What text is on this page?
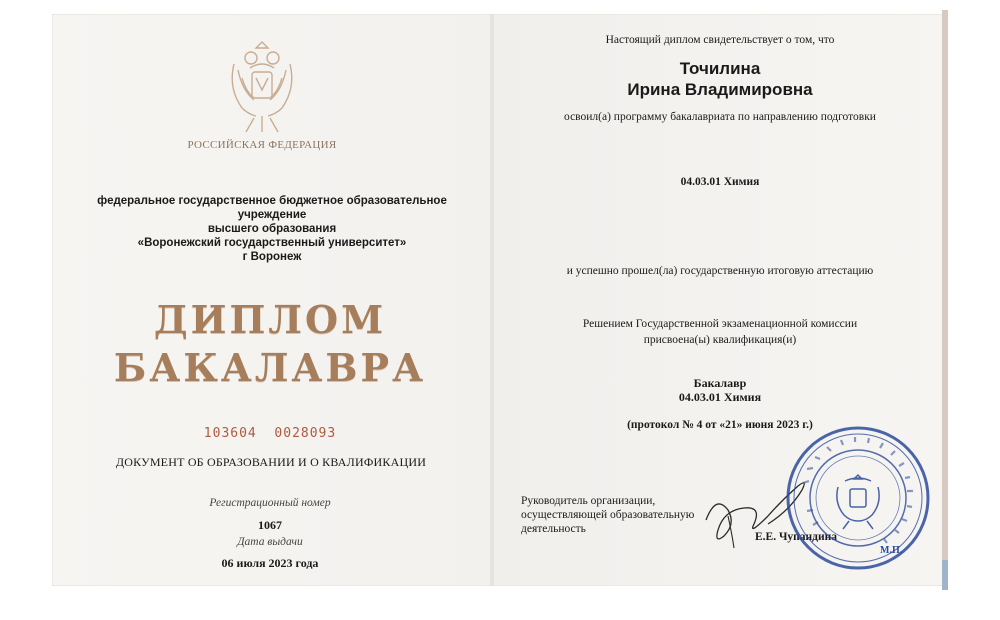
РОССИЙСКАЯ ФЕДЕРАЦИЯ
федеральное государственное бюджетное образовательное учреждение
высшего образования
«Воронежский государственный университет»
г Воронеж
ДИПЛОМ
БАКАЛАВРА
103604  0028093
ДОКУМЕНТ ОБ ОБРАЗОВАНИИ И О КВАЛИФИКАЦИИ
Регистрационный номер
1067
Дата выдачи
06 июля 2023 года
Настоящий диплом свидетельствует о том, что
Точилина
Ирина Владимировна
освоил(а) программу бакалавриата по направлению подготовки
04.03.01 Химия
и успешно прошел(ла) государственную итоговую аттестацию
Решением Государственной экзаменационной комиссии
присвоена(ы) квалификация(и)
Бакалавр
04.03.01 Химия
(протокол № 4 от «21» июня 2023 г.)
Руководитель организации,
осуществляющей образовательную
деятельность
Е.Е. Чупандина
М.П.
